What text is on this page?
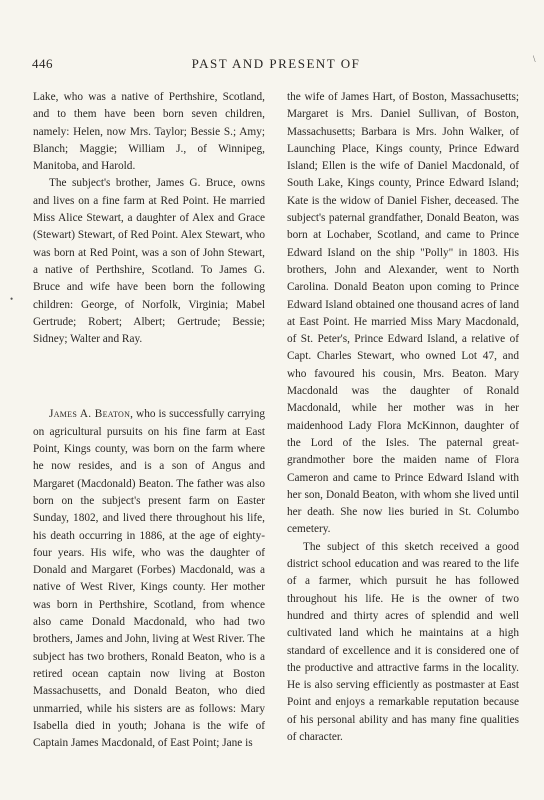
446	PAST AND PRESENT OF	\
•

Lake, who was a native of Perthshire, Scotland, and to them have been born seven children, namely: Helen, now Mrs. Taylor; Bessie S.; Amy; Blanch; Maggie; William J., of Winnipeg, Manitoba, and Harold.

The subject's brother, James G. Bruce, owns and lives on a fine farm at Red Point. He married Miss Alice Stewart, a daughter of Alex and Grace (Stewart) Stewart, of Red Point. Alex Stewart, who was born at Red Point, was a son of John Stewart, a native of Perthshire, Scotland. To James G. Bruce and wife have been born the following children: George, of Norfolk, Virginia; Mabel Gertrude; Robert; Albert; Gertrude; Bessie; Sidney; Walter and Ray.

James A. Beaton, who is successfully carrying on agricultural pursuits on his fine farm at East Point, Kings county, was born on the farm where he now resides, and is a son of Angus and Margaret (Macdonald) Beaton. The father was also born on the subject's present farm on Easter Sunday, 1802, and lived there throughout his life, his death occurring in 1886, at the age of eighty-four years. His wife, who was the daughter of Donald and Margaret (Forbes) Macdonald, was a native of West River, Kings county. Her mother was born in Perthshire, Scotland, from whence also came Donald Macdonald, who had two brothers, James and John, living at West River. The subject has two brothers, Ronald Beaton, who is a retired ocean captain now living at Boston Massachusetts, and Donald Beaton, who died unmarried, while his sisters are as follows: Mary Isabella died in youth; Johana is the wife of Captain James Macdonald, of East Point; Jane is

the wife of James Hart, of Boston, Massachusetts; Margaret is Mrs. Daniel Sullivan, of Boston, Massachusetts; Barbara is Mrs. John Walker, of Launching Place, Kings county, Prince Edward Island; Ellen is the wife of Daniel Macdonald, of South Lake, Kings county, Prince Edward Island; Kate is the widow of Daniel Fisher, deceased. The subject's paternal grandfather, Donald Beaton, was born at Lochaber, Scotland, and came to Prince Edward Island on the ship "Polly" in 1803. His brothers, John and Alexander, went to North Carolina. Donald Beaton upon coming to Prince Edward Island obtained one thousand acres of land at East Point. He married Miss Mary Macdonald, of St. Peter's, Prince Edward Island, a relative of Capt. Charles Stewart, who owned Lot 47, and who favoured his cousin, Mrs. Beaton. Mary Macdonald was the daughter of Ronald Macdonald, while her mother was in her maidenhood Lady Flora McKinnon, daughter of the Lord of the Isles. The paternal great-grandmother bore the maiden name of Flora Cameron and came to Prince Edward Island with her son, Donald Beaton, with whom she lived until her death. She now lies buried in St. Columbo cemetery.

The subject of this sketch received a good district school education and was reared to the life of a farmer, which pursuit he has followed throughout his life. He is the owner of two hundred and thirty acres of splendid and well cultivated land which he maintains at a high standard of excellence and it is considered one of the productive and attractive farms in the locality. He is also serving efficiently as postmaster at East Point and enjoys a remarkable reputation because of his personal ability and has many fine qualities of character.
